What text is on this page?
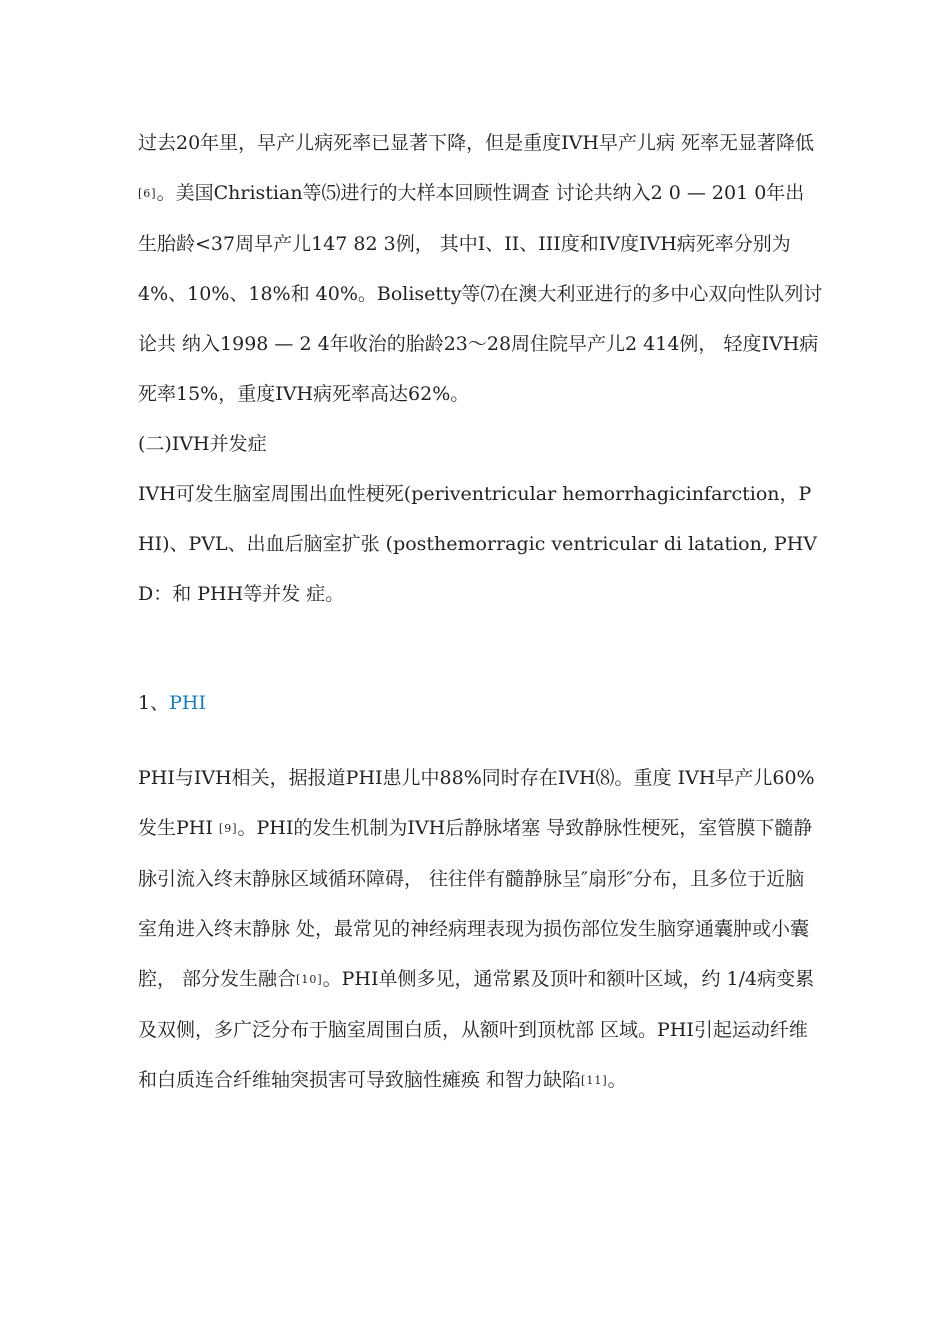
过去20年里，早产儿病死率已显著下降，但是重度IVH早产儿病 死率无显著降低[6]。美国Christian等⑸进行的大样本回顾性调查 讨论共纳入2 0 — 201 0年出生胎龄<37周早产儿147 82 3例， 其中I、II、III度和IV度IVH病死率分别为4%、10%、18%和 40%。Bolisetty等⑺在澳大利亚进行的多中心双向性队列讨论共 纳入1998 — 2 4年收治的胎龄23〜28周住院早产儿2 414例， 轻度IVH病死率15%，重度IVH病死率高达62%。

(二)IVH并发症

IVH可发生脑室周围出血性梗死(periventricular hemorrhagicinfarction，PHI)、PVL、出血后脑室扩张 (posthemorragic ventricular di latation, PHVD：和 PHH等并发 症。

1、PHI

PHI与IVH相关，据报道PHI患儿中88%同时存在IVH⑻。重度 IVH早产儿60%发生PHI [9]。PHI的发生机制为IVH后静脉堵塞 导致静脉性梗死，室管膜下髓静脉引流入终末静脉区域循环障碍， 往往伴有髓静脉呈″扇形″分布，且多位于近脑室角进入终末静脉 处，最常见的神经病理表现为损伤部位发生脑穿通囊肿或小囊腔， 部分发生融合[10]。PHI单侧多见，通常累及顶叶和额叶区域，约 1/4病变累及双侧，多广泛分布于脑室周围白质，从额叶到顶枕部 区域。PHI引起运动纤维和白质连合纤维轴突损害可导致脑性瘫痪 和智力缺陷[11]。
